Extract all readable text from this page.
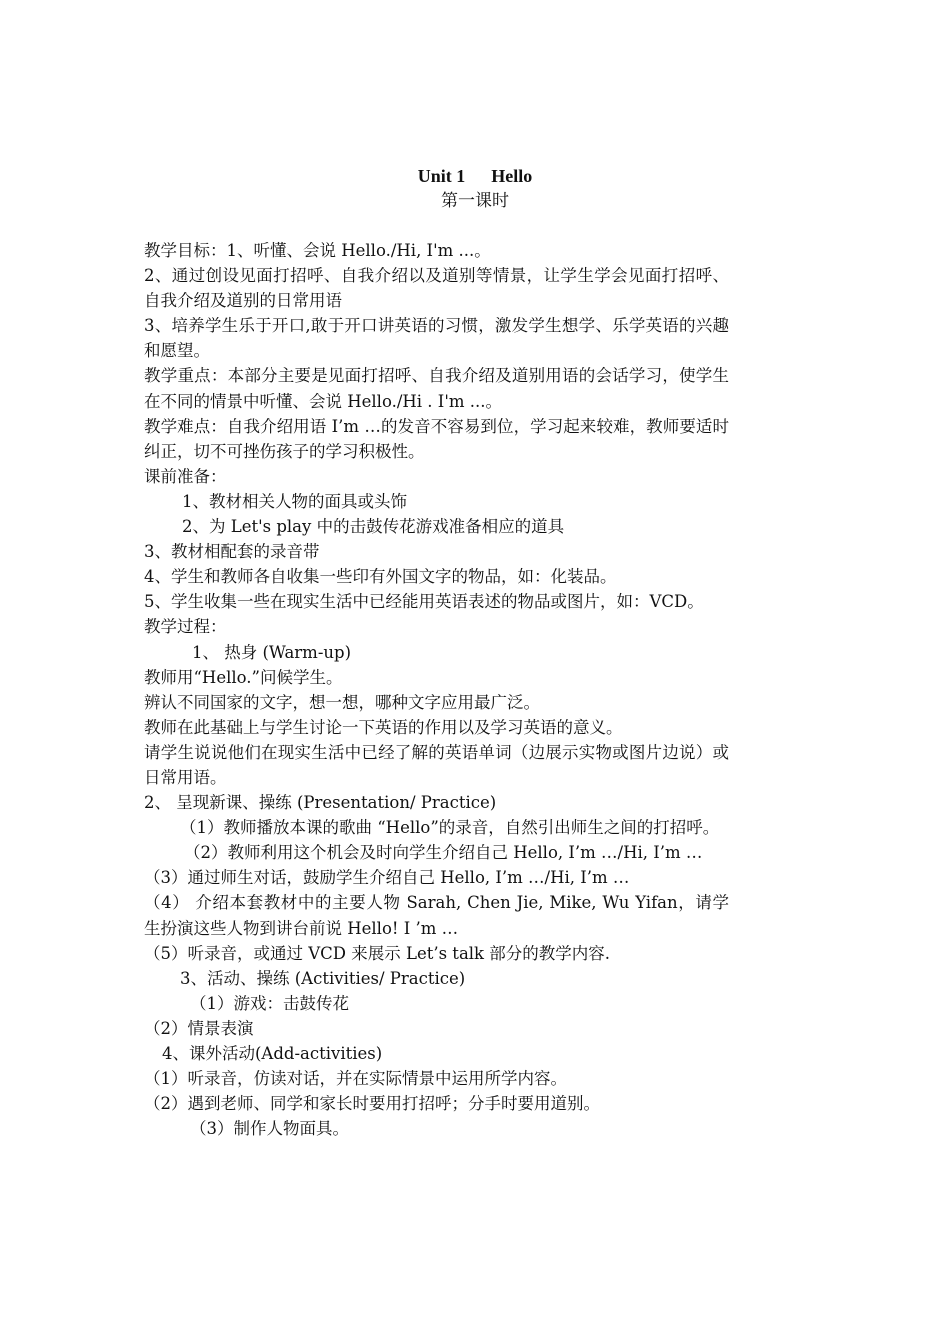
Unit 1 Hello
第一课时

教学目标：1、听懂、会说 Hello./Hi, I'm ...。

2、通过创设见面打招呼、自我介绍以及道别等情景，让学生学会见面打招呼、自我介绍及道别的日常用语

3、培养学生乐于开口,敢于开口讲英语的习惯，激发学生想学、乐学英语的兴趣和愿望。

教学重点：本部分主要是见面打招呼、自我介绍及道别用语的会话学习，使学生在不同的情景中听懂、会说 Hello./Hi . I'm ...。

教学难点：自我介绍用语 I’m …的发音不容易到位，学习起来较难，教师要适时纠正，切不可挫伤孩子的学习积极性。

课前准备：

1、教材相关人物的面具或头饰

2、为 Let's play 中的击鼓传花游戏准备相应的道具

3、教材相配套的录音带

4、学生和教师各自收集一些印有外国文字的物品，如：化装品。

5、学生收集一些在现实生活中已经能用英语表述的物品或图片，如：VCD。

教学过程：

1、 热身 (Warm-up)

教师用“Hello.”问候学生。

辨认不同国家的文字，想一想，哪种文字应用最广泛。

教师在此基础上与学生讨论一下英语的作用以及学习英语的意义。

请学生说说他们在现实生活中已经了解的英语单词（边展示实物或图片边说）或日常用语。

2、 呈现新课、操练 (Presentation/ Practice)

（1）教师播放本课的歌曲 “Hello”的录音，自然引出师生之间的打招呼。

（2）教师利用这个机会及时向学生介绍自己 Hello, I’m …/Hi, I’m …

（3）通过师生对话，鼓励学生介绍自己 Hello, I’m …/Hi, I’m …

（4） 介绍本套教材中的主要人物 Sarah, Chen Jie, Mike, Wu Yifan，请学生扮演这些人物到讲台前说 Hello! I ’m …

（5）听录音，或通过 VCD 来展示 Let’s talk 部分的教学内容.

3、活动、操练 (Activities/ Practice)

（1）游戏：击鼓传花

（2）情景表演

4、课外活动(Add-activities)

（1）听录音，仿读对话，并在实际情景中运用所学内容。

（2）遇到老师、同学和家长时要用打招呼；分手时要用道别。

（3）制作人物面具。
